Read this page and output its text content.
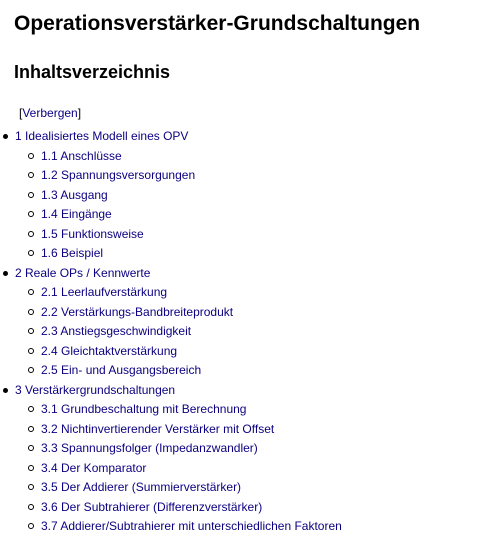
Operationsverstärker-Grundschaltungen
Inhaltsverzeichnis
[Verbergen]
1 Idealisiertes Modell eines OPV
1.1 Anschlüsse
1.2 Spannungsversorgungen
1.3 Ausgang
1.4 Eingänge
1.5 Funktionsweise
1.6 Beispiel
2 Reale OPs / Kennwerte
2.1 Leerlaufverstärkung
2.2 Verstärkungs-Bandbreiteprodukt
2.3 Anstiegsgeschwindigkeit
2.4 Gleichtaktverstärkung
2.5 Ein- und Ausgangsbereich
3 Verstärkergrundschaltungen
3.1 Grundbeschaltung mit Berechnung
3.2 Nichtinvertierender Verstärker mit Offset
3.3 Spannungsfolger (Impedanzwandler)
3.4 Der Komparator
3.5 Der Addierer (Summierverstärker)
3.6 Der Subtrahierer (Differenzverstärker)
3.7 Addierer/Subtrahierer mit unterschiedlichen Faktoren
